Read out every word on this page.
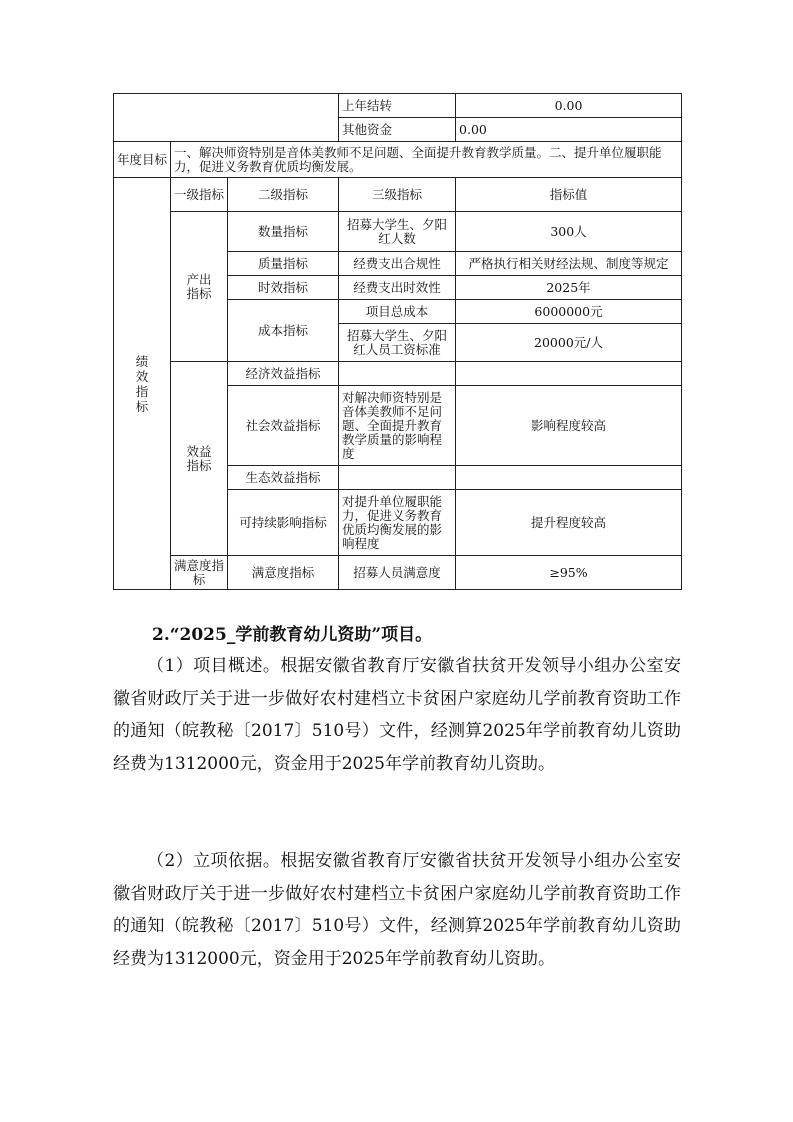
			上年结转	0.00
			其他资金	0.00
年度目标	一、解决师资特别是音体美教师不足问题、全面提升教育教学质量。二、提升单位履职能力，促进义务教育优质均衡发展。			
绩效指标	一级指标	二级指标	三级指标	指标值
	产出指标	数量指标	招募大学生、夕阳红人数	300人
		质量指标	经费支出合规性	严格执行相关财经法规、制度等规定
		时效指标	经费支出时效性	2025年
		成本指标	项目总成本	6000000元
			招募大学生、夕阳红人员工资标准	20000元/人
	效益指标	经济效益指标		
		社会效益指标	对解决师资特别是音体美教师不足问题、全面提升教育教学质量的影响程度	影响程度较高
		生态效益指标		
		可持续影响指标	对提升单位履职能力，促进义务教育优质均衡发展的影响程度	提升程度较高
	满意度指标	满意度指标	招募人员满意度	≥95%
2.“2025_学前教育幼儿资助”项目。

（1）项目概述。根据安徽省教育厅安徽省扶贫开发领导小组办公室安徽省财政厅关于进一步做好农村建档立卡贫困户家庭幼儿学前教育资助工作的通知（皖教秘〔2017〕510号）文件，经测算2025年学前教育幼儿资助经费为1312000元，资金用于2025年学前教育幼儿资助。

（2）立项依据。根据安徽省教育厅安徽省扶贫开发领导小组办公室安徽省财政厅关于进一步做好农村建档立卡贫困户家庭幼儿学前教育资助工作的通知（皖教秘〔2017〕510号）文件，经测算2025年学前教育幼儿资助经费为1312000元，资金用于2025年学前教育幼儿资助。
